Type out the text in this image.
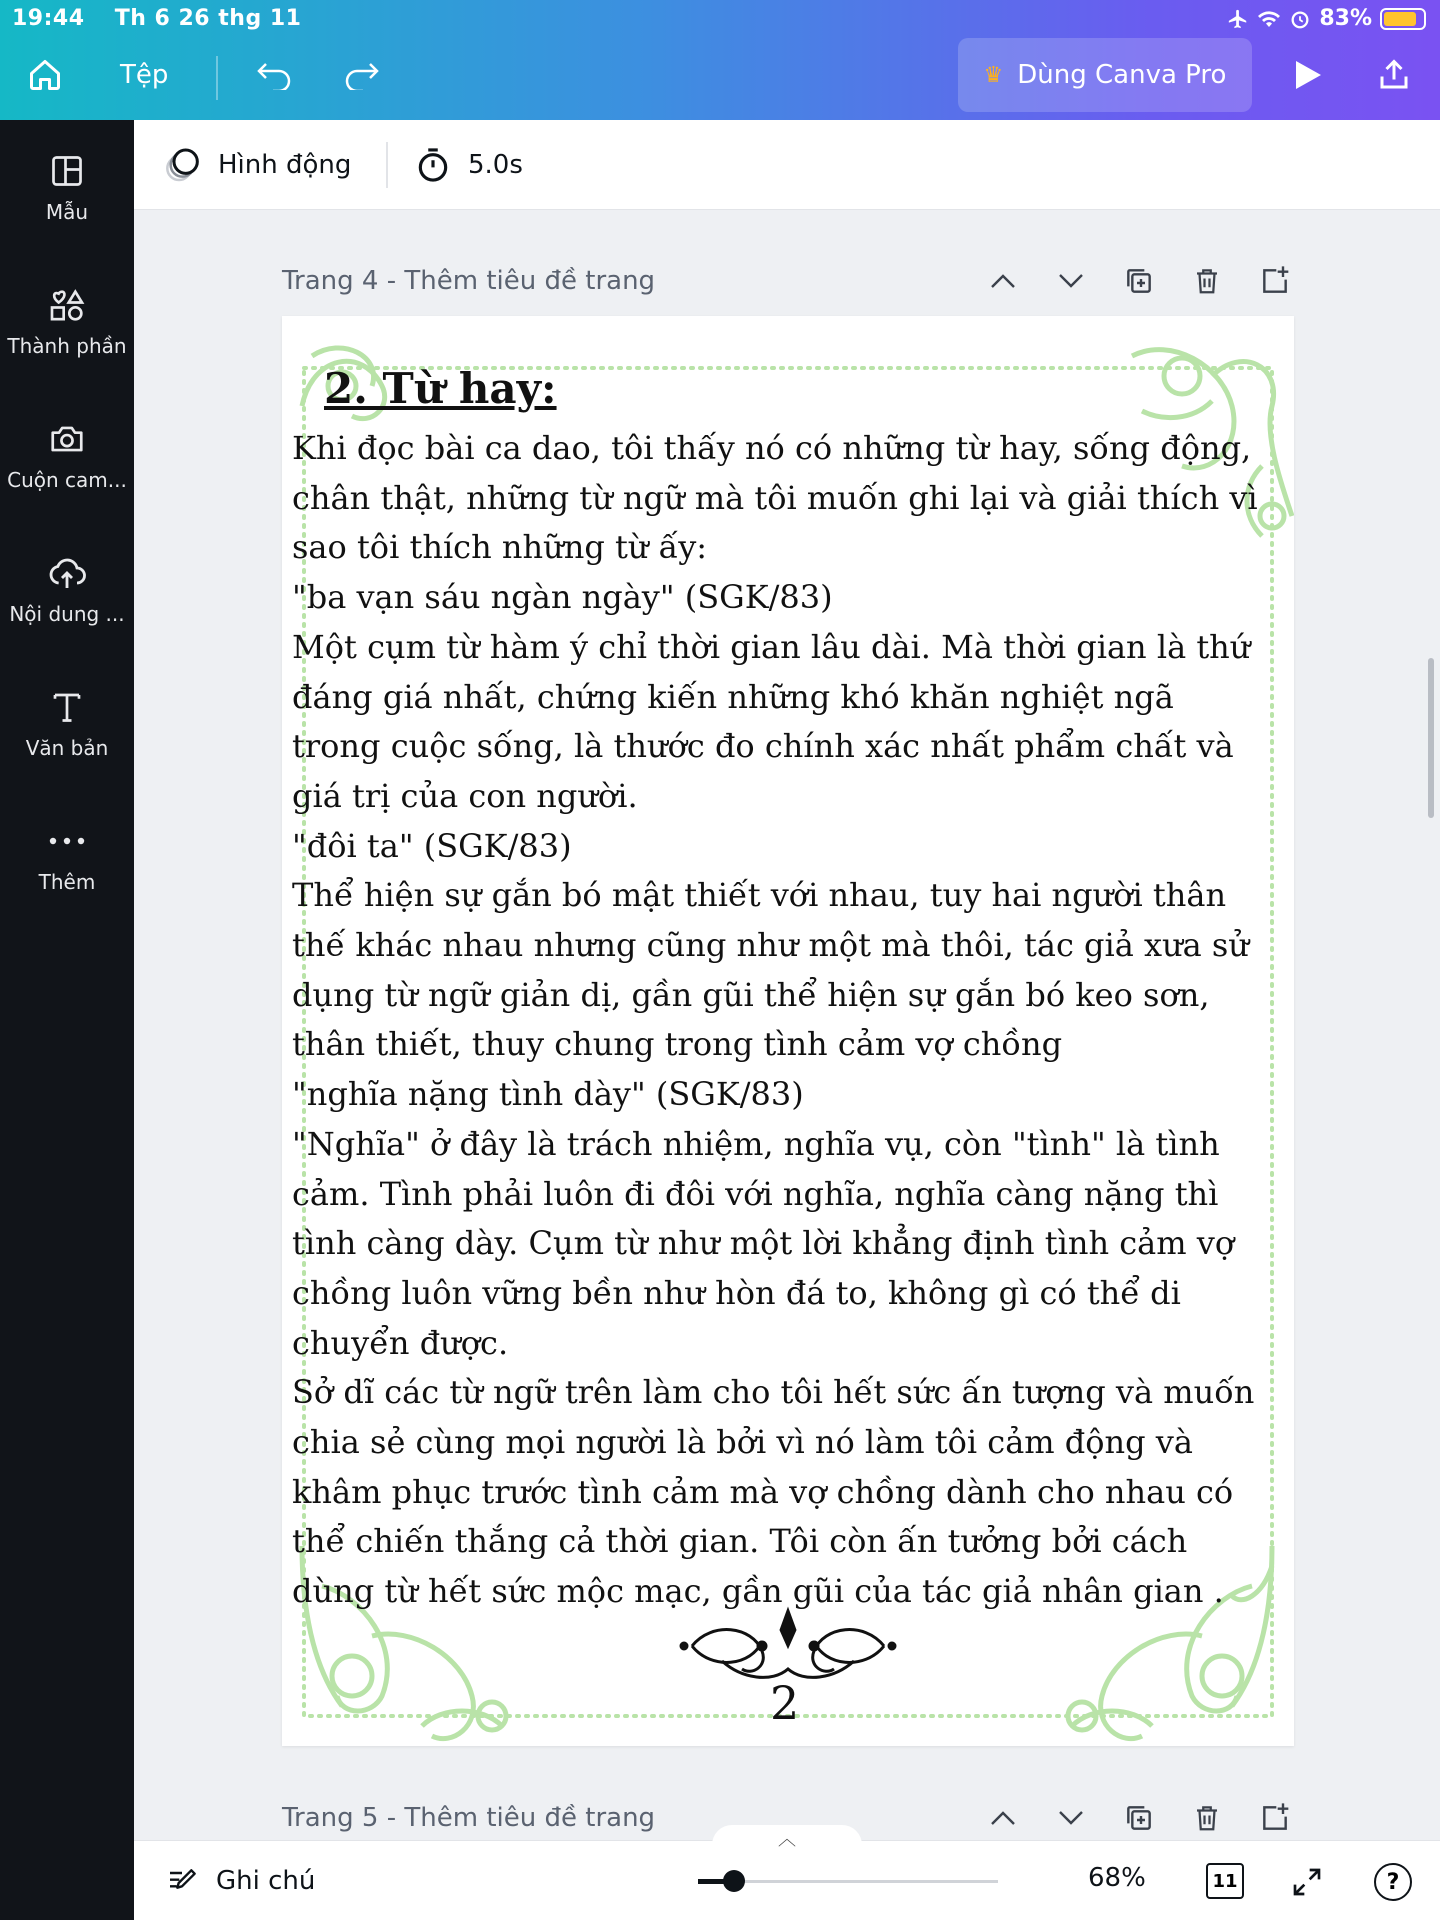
19:44 Th 6 26 thg 11	83%
Tệp	♛ Dùng Canva Pro
Mẫu
Thành phần
Cuộn cam...
Nội dung ...
Văn bản
Thêm
Hình động	5.0s
Trang 4 - Thêm tiêu đề trang
2. Từ hay:

Khi đọc bài ca dao, tôi thấy nó có những từ hay, sống động,

chân thật, những từ ngữ mà tôi muốn ghi lại và giải thích vì

sao tôi thích những từ ấy:

"ba vạn sáu ngàn ngày" (SGK/83)

Một cụm từ hàm ý chỉ thời gian lâu dài. Mà thời gian là thứ

đáng giá nhất, chứng kiến những khó khăn nghiệt ngã

trong cuộc sống, là thước đo chính xác nhất phẩm chất và

giá trị của con người.

"đôi ta" (SGK/83)

Thể hiện sự gắn bó mật thiết với nhau, tuy hai người thân

thế khác nhau nhưng cũng như một mà thôi, tác giả xưa sử

dụng từ ngữ giản dị, gần gũi thể hiện sự gắn bó keo sơn,

thân thiết, thuy chung trong tình cảm vợ chồng

"nghĩa nặng tình dày" (SGK/83)

"Nghĩa" ở đây là trách nhiệm, nghĩa vụ, còn "tình" là tình

cảm. Tình phải luôn đi đôi với nghĩa, nghĩa càng nặng thì

tình càng dày. Cụm từ như một lời khẳng định tình cảm vợ

chồng luôn vững bền như hòn đá to, không gì có thể di

chuyển được.

Sở dĩ các từ ngữ trên làm cho tôi hết sức ấn tượng và muốn

chia sẻ cùng mọi người là bởi vì nó làm tôi cảm động và

khâm phục trước tình cảm mà vợ chồng dành cho nhau có

thể chiến thắng cả thời gian. Tôi còn ấn tưởng bởi cách

dùng từ hết sức mộc mạc, gần gũi của tác giả nhân gian .

2
Trang 5 - Thêm tiêu đề trang
︿
Ghi chú	68%	11	?
